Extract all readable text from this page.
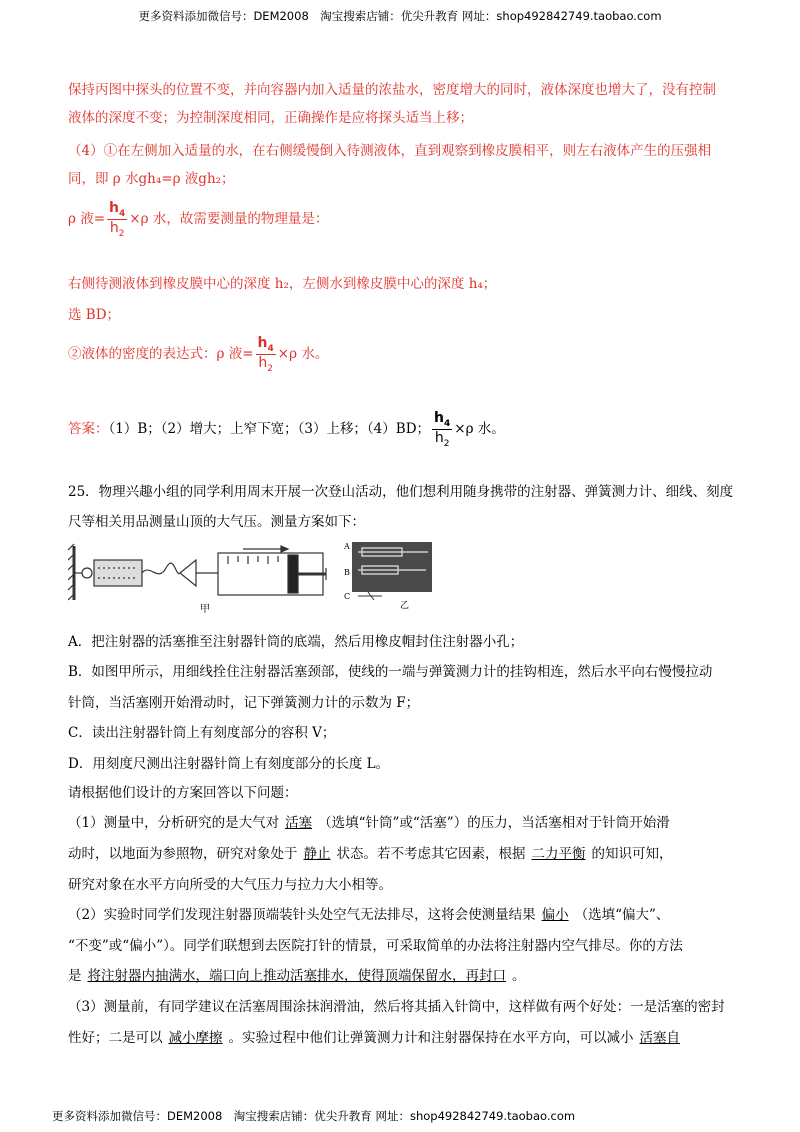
更多资料添加微信号：DEM2008　淘宝搜索店铺：优尖升教育 网址：shop492842749.taobao.com
保持丙图中探头的位置不变，并向容器内加入适量的浓盐水，密度增大的同时，液体深度也增大了，没有控制
液体的深度不变；为控制深度相同，正确操作是应将探头适当上移；
（4）①在左侧加入适量的水，在右侧缓慢倒入待测液体，直到观察到橡皮膜相平，则左右液体产生的压强相
同，即 ρ 水gh₄=ρ 液gh₂；
ρ 液= $\frac{h_4}{h_2} \times\rho$ 水，故需要测量的物理量是：
右侧待测液体到橡皮膜中心的深度 h₂，左侧水到橡皮膜中心的深度 h₄；
选 BD；
②液体的密度的表达式：ρ 液= $\frac{h_4}{h_2} \times\rho$ 水。
答案：（1）B；（2）增大；上窄下宽；（3）上移；（4）BD； $\frac{h_4}{h_2} \times\rho$ 水。
25．物理兴趣小组的同学利用周末开展一次登山活动，他们想利用随身携带的注射器、弹簧测力计、细线、刻度
尺等相关用品测量山顶的大气压。测量方案如下：
甲
A
B
C
乙
A．把注射器的活塞推至注射器针筒的底端，然后用橡皮帽封住注射器小孔；
B．如图甲所示，用细线拴住注射器活塞颈部，使线的一端与弹簧测力计的挂钩相连，然后水平向右慢慢拉动
针筒，当活塞刚开始滑动时，记下弹簧测力计的示数为 F；
C．读出注射器针筒上有刻度部分的容积 V；
D．用刻度尺测出注射器针筒上有刻度部分的长度 L。
请根据他们设计的方案回答以下问题：
（1）测量中，分析研究的是大气对 活塞 （选填“针筒”或“活塞”）的压力，当活塞相对于针筒开始滑
动时，以地面为参照物，研究对象处于 静止 状态。若不考虑其它因素，根据 二力平衡 的知识可知，
研究对象在水平方向所受的大气压力与拉力大小相等。
（2）实验时同学们发现注射器顶端装针头处空气无法排尽，这将会使测量结果 偏小 （选填“偏大”、
“不变”或“偏小”）。同学们联想到去医院打针的情景，可采取简单的办法将注射器内空气排尽。你的方法
是 将注射器内抽满水，端口向上推动活塞排水，使得顶端保留水，再封口 。
（3）测量前，有同学建议在活塞周围涂抹润滑油，然后将其插入针筒中，这样做有两个好处：一是活塞的密封
性好；二是可以 减小摩擦 。实验过程中他们让弹簧测力计和注射器保持在水平方向，可以减小 活塞自
更多资料添加微信号：DEM2008　淘宝搜索店铺：优尖升教育 网址：shop492842749.taobao.com
